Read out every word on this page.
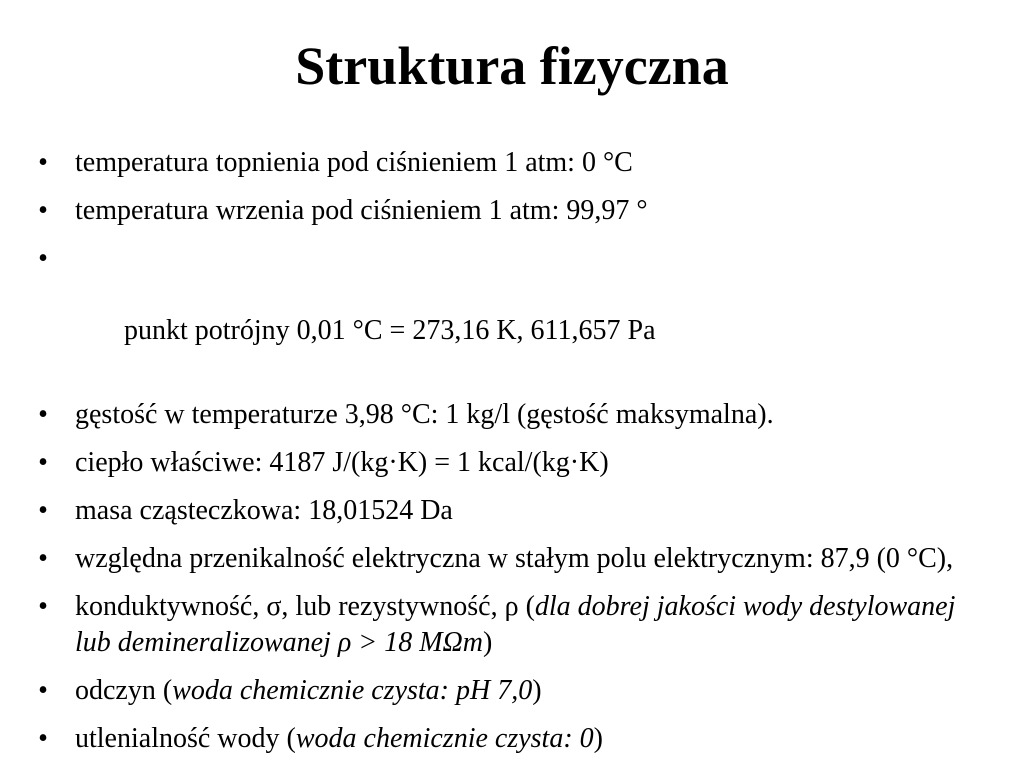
Struktura fizyczna
• temperatura topnienia pod ciśnieniem 1 atm: 0 °C
• temperatura wrzenia pod ciśnieniem 1 atm: 99,97 °

•

punkt potrójny 0,01 °C = 273,16 K, 611,657 Pa

• gęstość w temperaturze 3,98 °C: 1 kg/l (gęstość maksymalna).
• ciepło właściwe: 4187 J/(kg·K) = 1 kcal/(kg·K)
• masa cząsteczkowa: 18,01524 Da
• względna przenikalność elektryczna w stałym polu elektrycznym: 87,9 (0 °C),
• konduktywność, σ, lub rezystywność, ρ (dla dobrej jakości wody destylowanej lub demineralizowanej ρ > 18 MΩm)
• odczyn (woda chemicznie czysta: pH 7,0)
• utlenialność wody (woda chemicznie czysta: 0)
